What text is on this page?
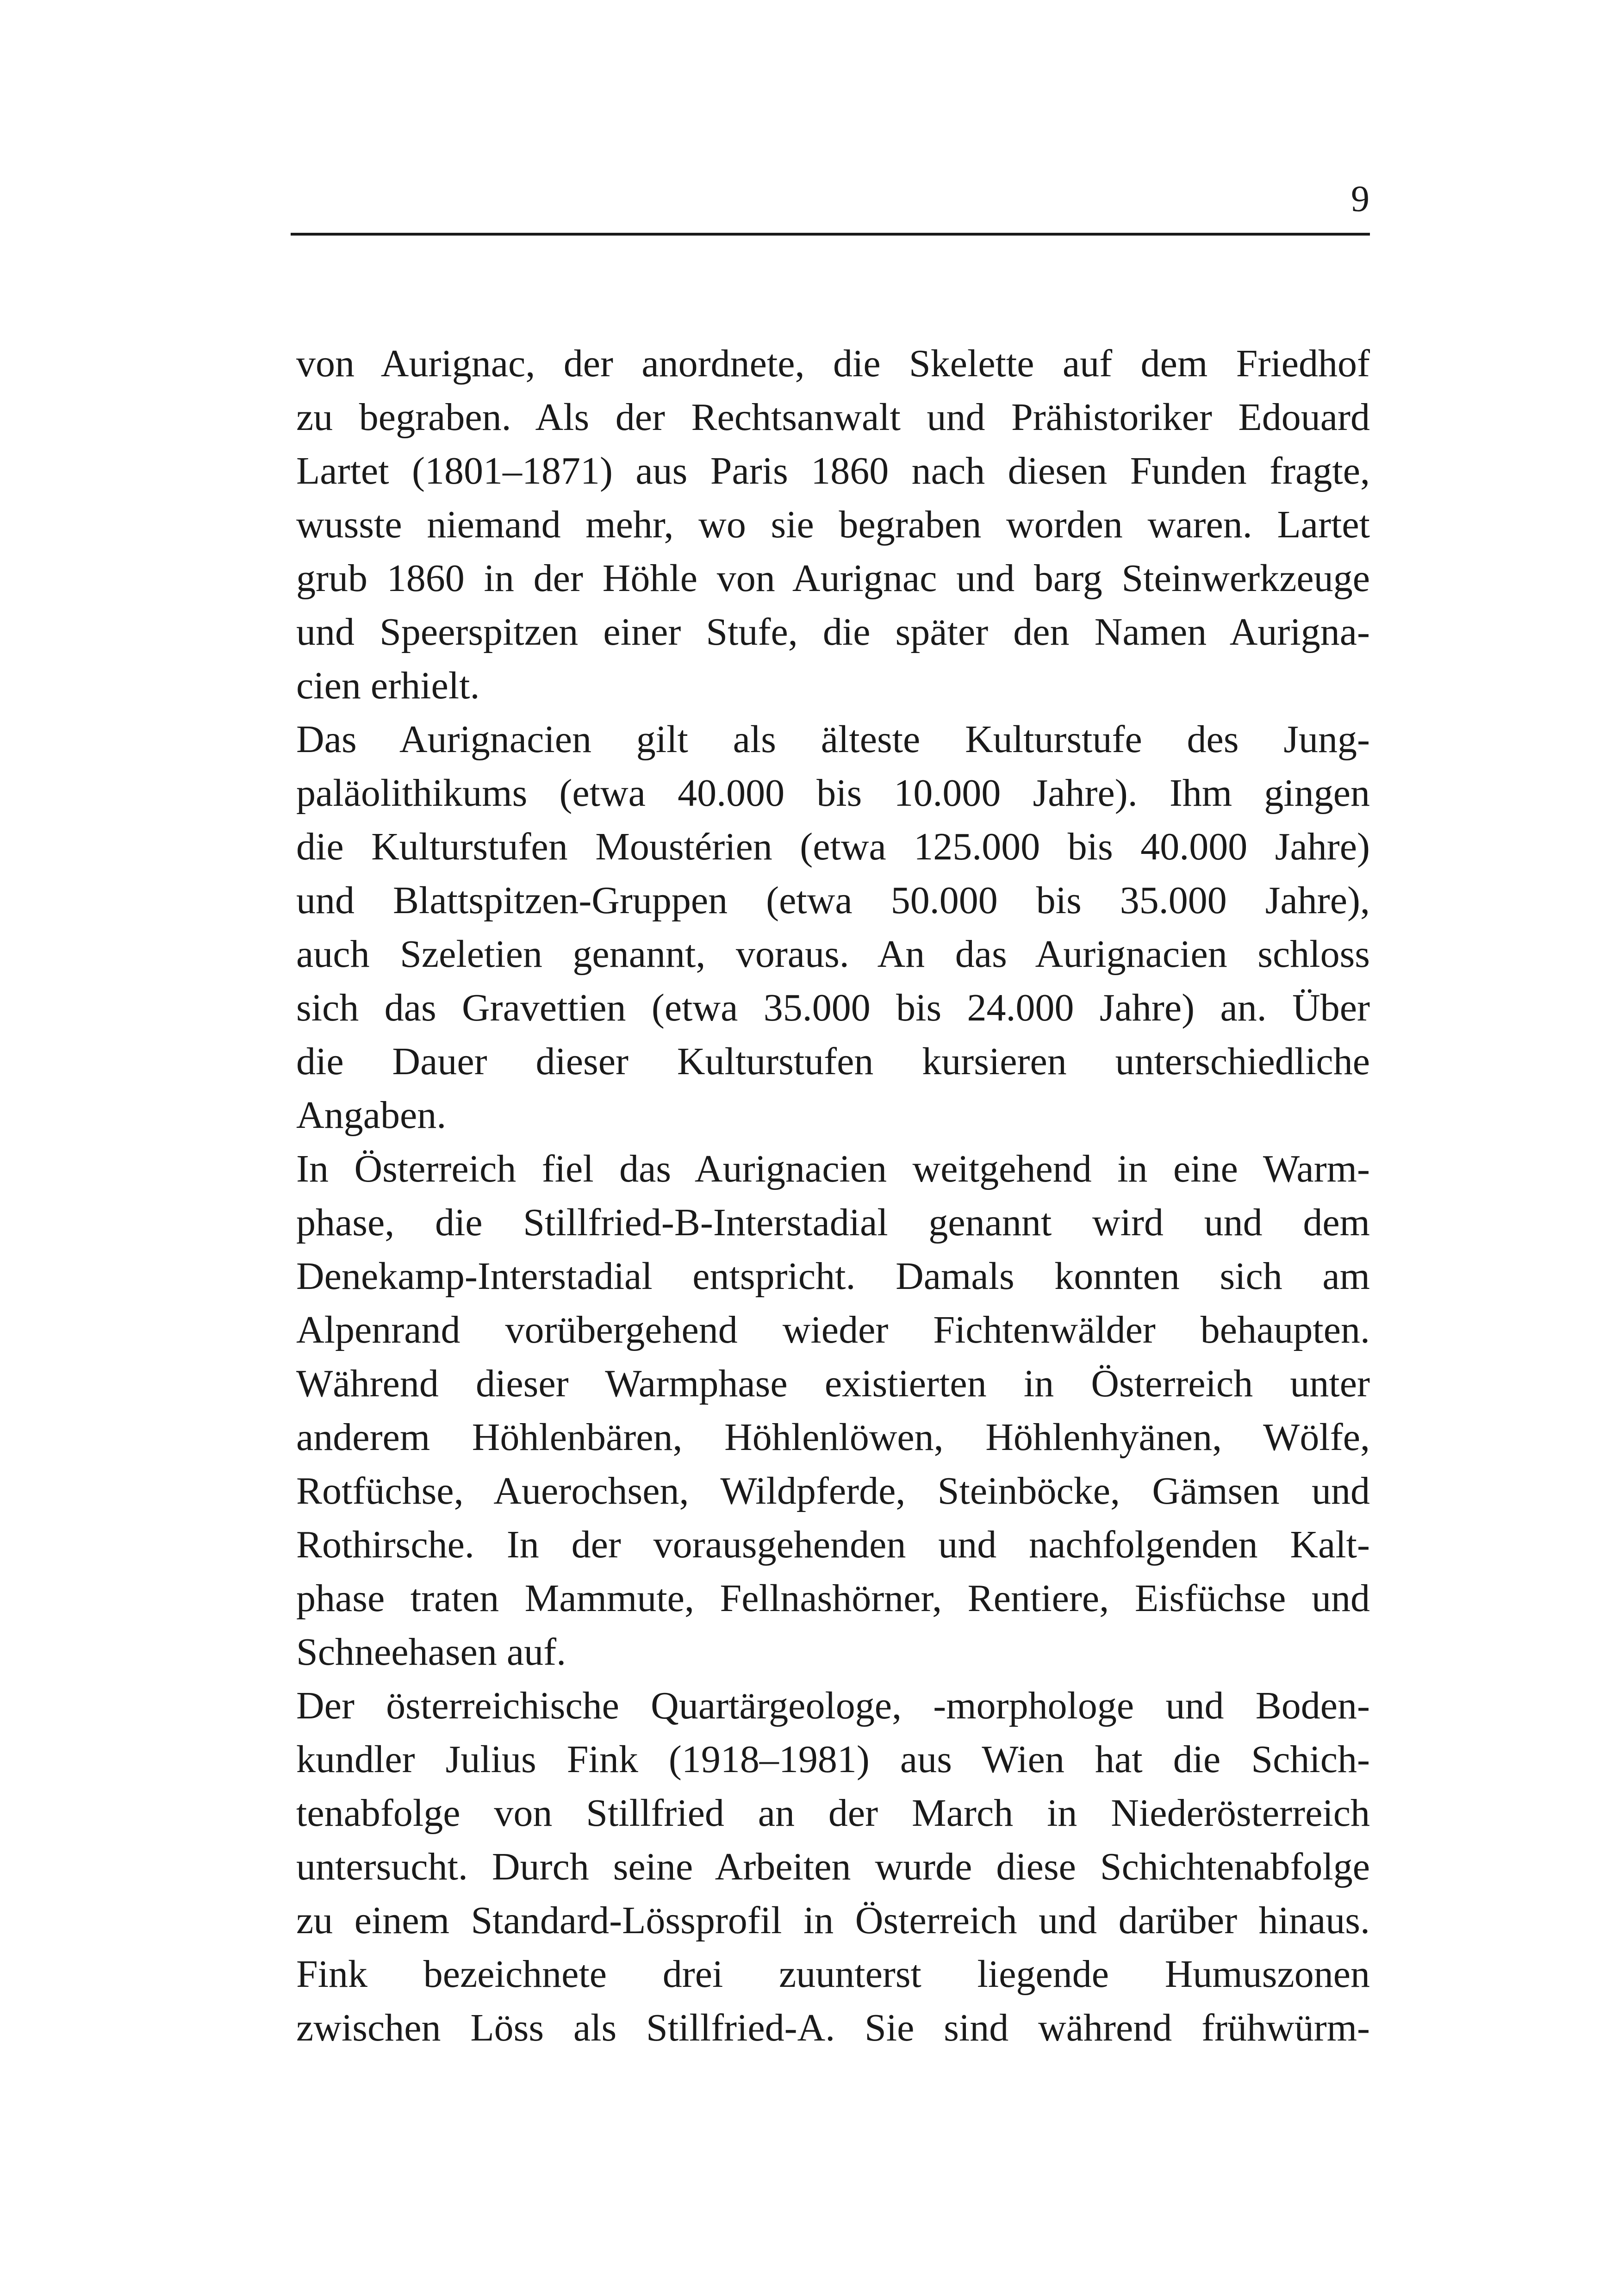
9
von Aurignac, der anordnete, die Skelette auf dem Friedhof
zu begraben. Als der Rechtsanwalt und Prähistoriker Edouard
Lartet (1801–1871) aus Paris 1860 nach diesen Funden fragte,
wusste niemand mehr, wo sie begraben worden waren. Lartet
grub 1860 in der Höhle von Aurignac und barg Steinwerkzeuge
und Speerspitzen einer Stufe, die später den Namen Aurigna-
cien erhielt.
Das Aurignacien gilt als älteste Kulturstufe des Jung-
paläolithikums (etwa 40.000 bis 10.000 Jahre). Ihm gingen
die Kulturstufen Moustérien (etwa 125.000 bis 40.000 Jahre)
und Blattspitzen-Gruppen (etwa 50.000 bis 35.000 Jahre),
auch Szeletien genannt, voraus. An das Aurignacien schloss
sich das Gravettien (etwa 35.000 bis 24.000 Jahre) an. Über
die Dauer dieser Kulturstufen kursieren unterschiedliche
Angaben.
In Österreich fiel das Aurignacien weitgehend in eine Warm-
phase, die Stillfried-B-Interstadial genannt wird und dem
Denekamp-Interstadial entspricht. Damals konnten sich am
Alpenrand vorübergehend wieder Fichtenwälder behaupten.
Während dieser Warmphase existierten in Österreich unter
anderem Höhlenbären, Höhlenlöwen, Höhlenhyänen, Wölfe,
Rotfüchse, Auerochsen, Wildpferde, Steinböcke, Gämsen und
Rothirsche. In der vorausgehenden und nachfolgenden Kalt-
phase traten Mammute, Fellnashörner, Rentiere, Eisfüchse und
Schneehasen auf.
Der österreichische Quartärgeologe, -morphologe und Boden-
kundler Julius Fink (1918–1981) aus Wien hat die Schich-
tenabfolge von Stillfried an der March in Niederösterreich
untersucht. Durch seine Arbeiten wurde diese Schichtenabfolge
zu einem Standard-Lössprofil in Österreich und darüber hinaus.
Fink bezeichnete drei zuunterst liegende Humuszonen
zwischen Löss als Stillfried-A. Sie sind während frühwürm-
